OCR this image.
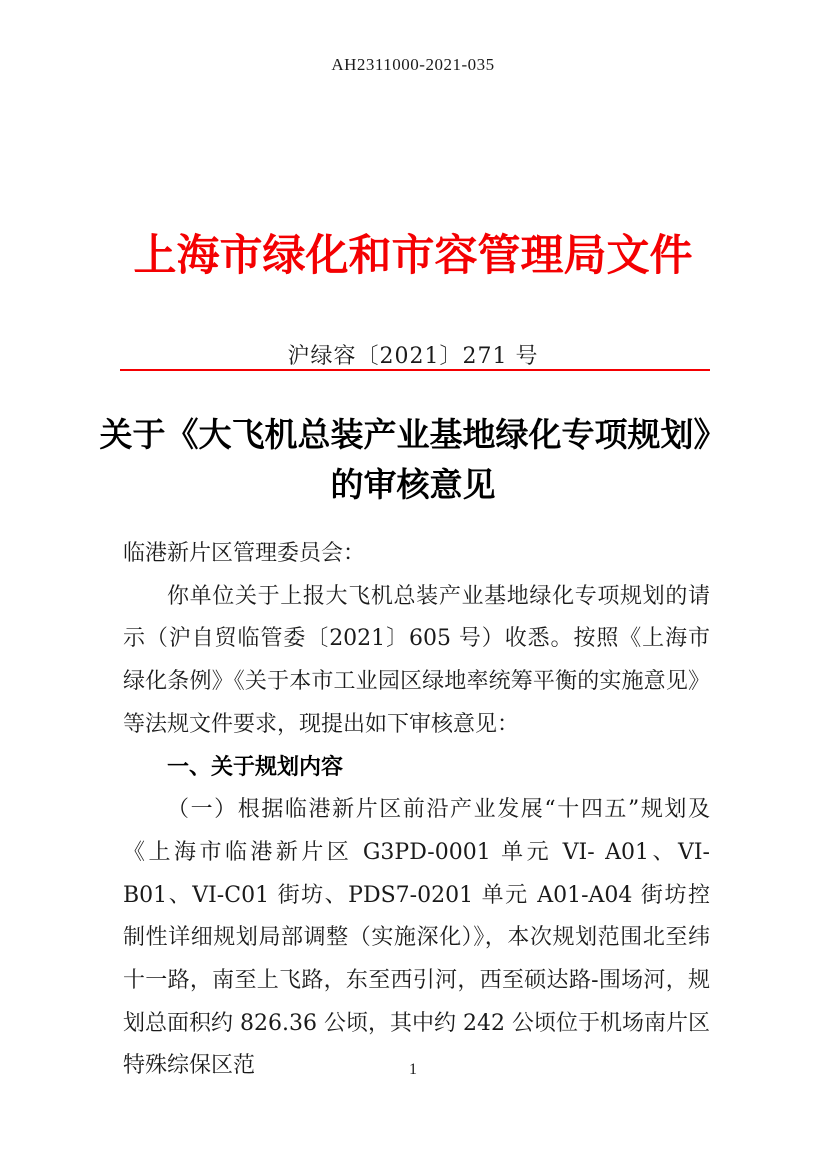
AH2311000-2021-035
上海市绿化和市容管理局文件
沪绿容〔2021〕271 号
关于《大飞机总装产业基地绿化专项规划》
的审核意见

临港新片区管理委员会：

你单位关于上报大飞机总装产业基地绿化专项规划的请示（沪自贸临管委〔2021〕605 号）收悉。按照《上海市绿化条例》《关于本市工业园区绿地率统筹平衡的实施意见》等法规文件要求，现提出如下审核意见：

一、关于规划内容

（一）根据临港新片区前沿产业发展“十四五”规划及《上海市临港新片区 G3PD-0001 单元 VI- A01、VI- B01、VI-C01 街坊、PDS7-0201 单元 A01-A04 街坊控制性详细规划局部调整（实施深化）》，本次规划范围北至纬十一路，南至上飞路，东至西引河，西至硕达路-围场河，规划总面积约 826.36 公顷，其中约 242 公顷位于机场南片区特殊综保区范	1
